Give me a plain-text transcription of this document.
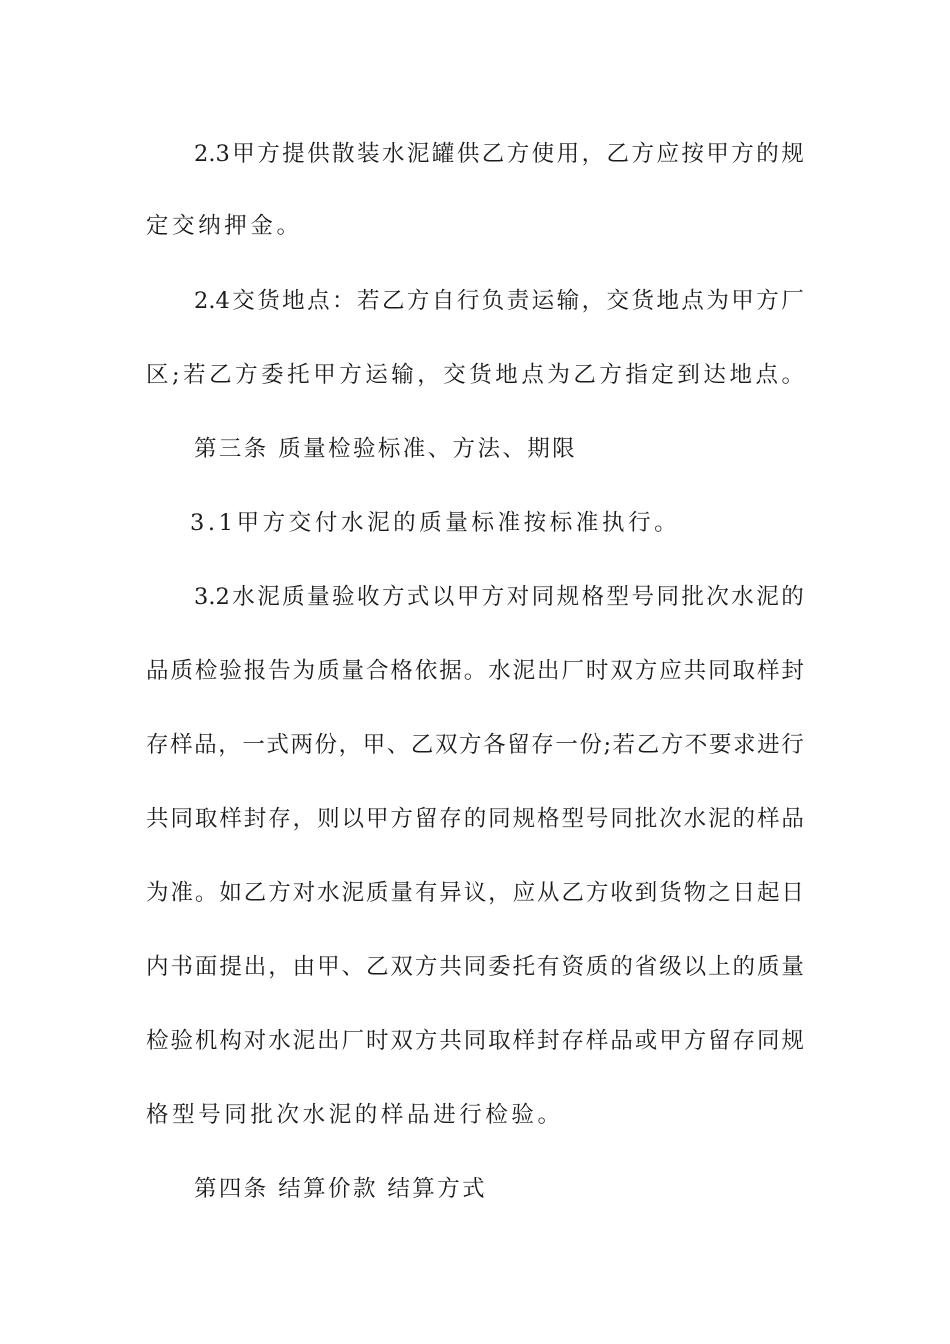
2.3 甲 方 提 供 散 装 水 泥 罐 供 乙 方 使 用 ， 乙 方 应 按 甲 方 的 规
定交纳押金。
2.4 交 货 地 点 ： 若 乙 方 自 行 负 责 运 输 ， 交 货 地 点 为 甲 方 厂
区 ; 若 乙 方 委 托 甲 方 运 输 ， 交 货 地 点 为 乙 方 指 定 到 达 地 点 。
第三条 质量检验标准、方法、期限
3.1甲方交付水泥的质量标准按标准执行。
3.2 水 泥 质 量 验 收 方 式 以 甲 方 对 同 规 格 型 号 同 批 次 水 泥 的
品 质 检 验 报 告 为 质 量 合 格 依 据 。 水 泥 出 厂 时 双 方 应 共 同 取 样 封
存 样 品 ， 一 式 两 份 ， 甲 、 乙 双 方 各 留 存 一 份 ; 若 乙 方 不 要 求 进 行
共 同 取 样 封 存 ， 则 以 甲 方 留 存 的 同 规 格 型 号 同 批 次 水 泥 的 样 品
为 准 。 如 乙 方 对 水 泥 质 量 有 异 议 ， 应 从 乙 方 收 到 货 物 之 日 起 日
内 书 面 提 出 ， 由 甲 、 乙 双 方 共 同 委 托 有 资 质 的 省 级 以 上 的 质 量
检 验 机 构 对 水 泥 出 厂 时 双 方 共 同 取 样 封 存 样 品 或 甲 方 留 存 同 规
格型号同批次水泥的样品进行检验。
第四条 结算价款 结算方式
